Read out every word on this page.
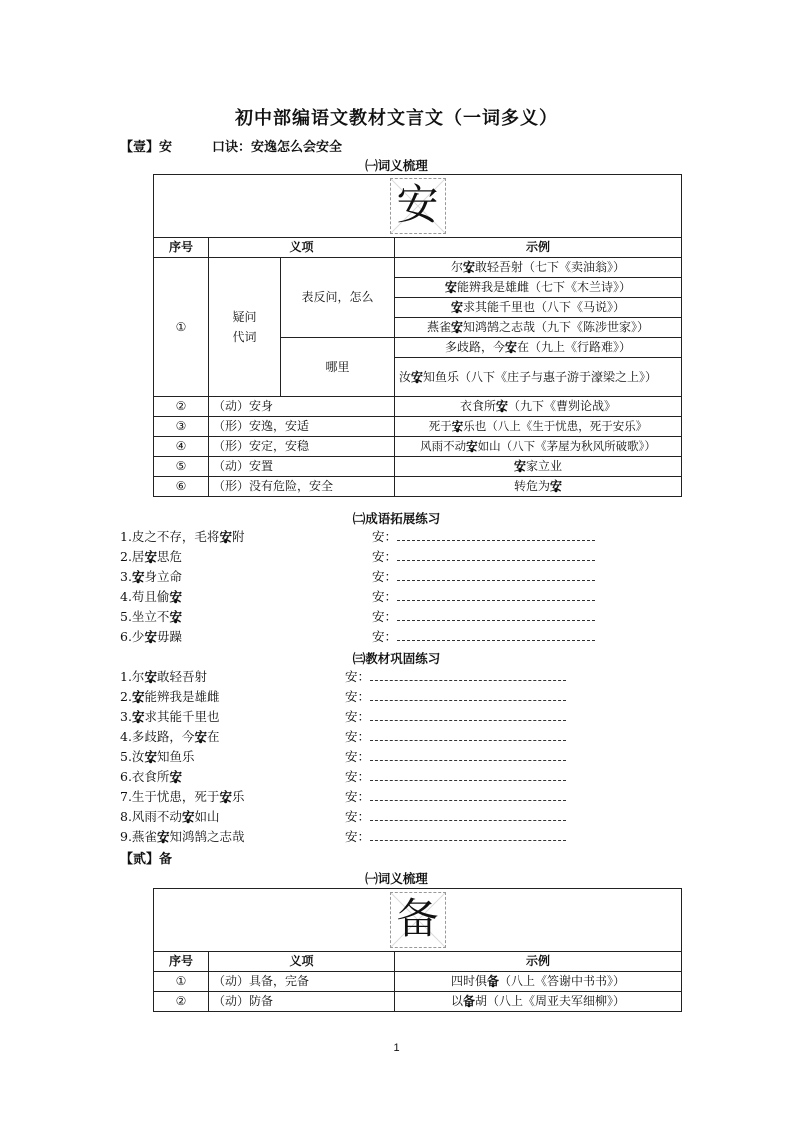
初中部编语文教材文言文（一词多义）
【壹】安	口诀：安逸怎么会安全
㈠词义梳理
安			
序号	义项		示例
①	疑问
代词	表反问，怎么	尔安敢轻吾射（七下《卖油翁》）
			安能辨我是雄雌（七下《木兰诗》）
			安求其能千里也（八下《马说》）
			燕雀安知鸿鹄之志哉（九下《陈涉世家》）
		哪里	多歧路，今安在（九上《行路难》）
			汝安知鱼乐（八下《庄子与惠子游于濠梁之上》）
②	（动）安身		衣食所安（九下《曹刿论战》
③	（形）安逸，安适		死于安乐也（八上《生于忧患，死于安乐》
④	（形）安定，安稳		风雨不动安如山（八下《茅屋为秋风所破歌》）
⑤	（动）安置		安家立业
⑥	（形）没有危险，安全		转危为安
㈡成语拓展练习
1.皮之不存，毛将安附	安：
2.居安思危	安：
3.安身立命	安：
4.苟且偷安	安：
5.坐立不安	安：
6.少安毋躁	安：
㈢教材巩固练习
1.尔安敢轻吾射	安：
2.安能辨我是雄雌	安：
3.安求其能千里也	安：
4.多歧路，今安在	安：
5.汝安知鱼乐	安：
6.衣食所安	安：
7.生于忧患，死于安乐	安：
8.风雨不动安如山	安：
9.燕雀安知鸿鹄之志哉	安：
【贰】备
㈠词义梳理
备		
序号	义项	示例
①	（动）具备，完备	四时俱备（八上《答谢中书书》）
②	（动）防备	以备胡（八上《周亚夫军细柳》）
1
